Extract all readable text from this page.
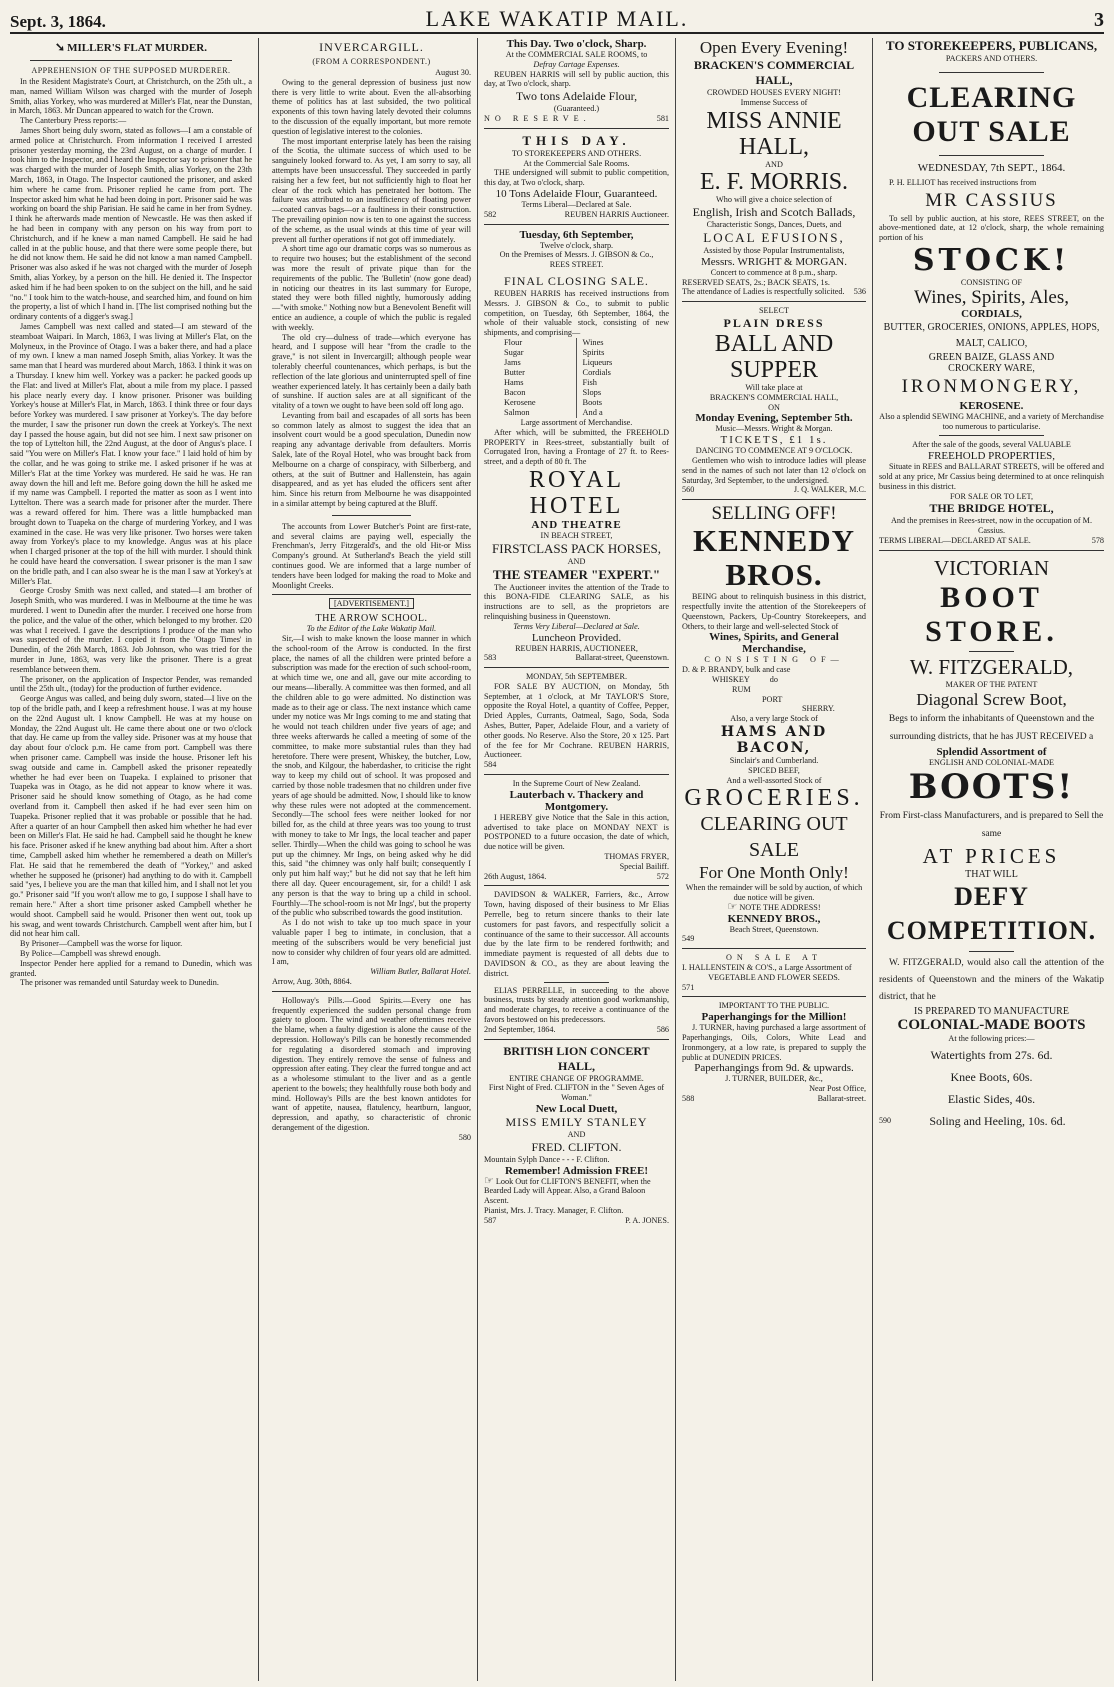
Sept. 3, 1864.	LAKE WAKATIP MAIL.	3
➘ MILLER'S FLAT MURDER.
APPREHENSION OF THE SUPPOSED MURDERER.

In the Resident Magistrate's Court, at Christchurch, on the 25th ult., a man, named William Wilson was charged with the murder of Joseph Smith, alias Yorkey, who was murdered at Miller's Flat, near the Dunstan, in March, 1863. Mr Duncan appeared to watch for the Crown.

The Canterbury Press reports:—

James Short being duly sworn, stated as follows—I am a constable of armed police at Christchurch. From information I received I arrested prisoner yesterday morning, the 23rd August, on a charge of murder. I took him to the Inspector, and I heard the Inspector say to prisoner that he was charged with the murder of Joseph Smith, alias Yorkey, on the 23th March, 1863, in Otago. The Inspector cautioned the prisoner, and asked him where he came from. Prisoner replied he came from port. The Inspector asked him what he had been doing in port. Prisoner said he was working on board the ship Parisian. He said he came in her from Sydney. I think he afterwards made mention of Newcastle. He was then asked if he had been in company with any person on his way from port to Christchurch, and if he knew a man named Campbell. He said he had called in at the public house, and that there were some people there, but he did not know them. He said he did not know a man named Campbell. Prisoner was also asked if he was not charged with the murder of Joseph Smith, alias Yorkey, by a person on the hill. He denied it. The Inspector asked him if he had been spoken to on the subject on the hill, and he said "no." I took him to the watch-house, and searched him, and found on him the property, a list of which I hand in. [The list comprised nothing but the ordinary contents of a digger's swag.]

James Campbell was next called and stated—I am steward of the steamboat Waipari. In March, 1863, I was living at Miller's Flat, on the Molyneux, in the Province of Otago. I was a baker there, and had a place of my own. I knew a man named Joseph Smith, alias Yorkey. It was the same man that I heard was murdered about March, 1863. I think it was on a Thursday. I knew him well. Yorkey was a packer: he packed goods up the Flat: and lived at Miller's Flat, about a mile from my place. I passed his place nearly every day. I know prisoner. Prisoner was building Yorkey's house at Miller's Flat, in March, 1863. I think three or four days before Yorkey was murdered. I saw prisoner at Yorkey's. The day before the murder, I saw the prisoner run down the creek at Yorkey's. The next day I passed the house again, but did not see him. I next saw prisoner on the top of Lyttelton hill, the 22nd August, at the door of Angus's place. I said "You were on Miller's Flat. I know your face." I laid hold of him by the collar, and he was going to strike me. I asked prisoner if he was at Miller's Flat at the time Yorkey was murdered. He said he was. He ran away down the hill and left me. Before going down the hill he asked me if my name was Campbell. I reported the matter as soon as I went into Lyttelton. There was a search made for prisoner after the murder. There was a reward offered for him. There was a little humpbacked man brought down to Tuapeka on the charge of murdering Yorkey, and I was examined in the case. He was very like prisoner. Two horses were taken away from Yorkey's place to my knowledge. Angus was at his place when I charged prisoner at the top of the hill with murder. I should think he could have heard the conversation. I swear prisoner is the man I saw on the bridle path, and I can also swear he is the man I saw at Yorkey's at Miller's Flat.

George Crosby Smith was next called, and stated—I am brother of Joseph Smith, who was murdered. I was in Melbourne at the time he was murdered. I went to Dunedin after the murder. I received one horse from the police, and the value of the other, which belonged to my brother. £20 was what I received. I gave the descriptions I produce of the man who was suspected of the murder. I copied it from the 'Otago Times' in Dunedin, of the 26th March, 1863. Job Johnson, who was tried for the murder in June, 1863, was very like the prisoner. There is a great resemblance between them.

The prisoner, on the application of Inspector Pender, was remanded until the 25th ult., (today) for the production of further evidence.

George Angus was called, and being duly sworn, stated—I live on the top of the bridle path, and I keep a refreshment house. I was at my house on the 22nd August ult. I know Campbell. He was at my house on Monday, the 22nd August ult. He came there about one or two o'clock that day. He came up from the valley side. Prisoner was at my house that day about four o'clock p.m. He came from port. Campbell was there when prisoner came. Campbell was inside the house. Prisoner left his swag outside and came in. Campbell asked the prisoner repeatedly whether he had ever been on Tuapeka. I explained to prisoner that Tuapeka was in Otago, as he did not appear to know where it was. Prisoner said he should know something of Otago, as he had come overland from it. Campbell then asked if he had ever seen him on Tuapeka. Prisoner replied that it was probable or possible that he had. After a quarter of an hour Campbell then asked him whether he had ever been on Miller's Flat. He said he had. Campbell said he thought he knew his face. Prisoner asked if he knew anything bad about him. After a short time, Campbell asked him whether he remembered a death on Miller's Flat. He said that he remembered the death of "Yorkey," and asked whether he supposed he (prisoner) had anything to do with it. Campbell said "yes, I believe you are the man that killed him, and I shall not let you go." Prisoner said "If you won't allow me to go, I suppose I shall have to remain here." After a short time prisoner asked Campbell whether he would shoot. Campbell said he would. Prisoner then went out, took up his swag, and went towards Christchurch. Campbell went after him, but I did not hear him call.

By Prisoner—Campbell was the worse for liquor.

By Police—Campbell was shrewd enough.

Inspector Pender here applied for a remand to Dunedin, which was granted.

The prisoner was remanded until Saturday week to Dunedin.

INVERCARGILL.
(FROM A CORRESPONDENT.)
August 30.

Owing to the general depression of business just now there is very little to write about. Even the all-absorbing theme of politics has at last subsided, the two political exponents of this town having lately devoted their columns to the discussion of the equally important, but more remote question of legislative interest to the colonies.

The most important enterprise lately has been the raising of the Scotia, the ultimate success of which used to be sanguinely looked forward to. As yet, I am sorry to say, all attempts have been unsuccessful. They succeeded in partly raising her a few feet, but not sufficiently high to float her clear of the rock which has penetrated her bottom. The failure was attributed to an insufficiency of floating power—coated canvas bags—or a faultiness in their construction. The prevailing opinion now is ten to one against the success of the scheme, as the usual winds at this time of year will prevent all further operations if not got off immediately.

A short time ago our dramatic corps was so numerous as to require two houses; but the establishment of the second was more the result of private pique than for the requirements of the public. The 'Bulletin' (now gone dead) in noticing our theatres in its last summary for Europe, stated they were both filled nightly, humorously adding—"with smoke." Nothing now but a Benevolent Benefit will entice an audience, a couple of which the public is regaled with weekly.

The old cry—dulness of trade—which everyone has heard, and I suppose will hear "from the cradle to the grave," is not silent in Invercargill; although people wear tolerably cheerful countenances, which perhaps, is but the reflection of the late glorious and uninterrupted spell of fine weather experienced lately. It has certainly been a daily bath of sunshine. If auction sales are at all significant of the vitality of a town we ought to have been sold off long ago.

Levanting from bail and escapades of all sorts has been so common lately as almost to suggest the idea that an insolvent court would be a good speculation, Dunedin now reaping any advantage derivable from defaulters. Morris Salek, late of the Royal Hotel, who was brought back from Melbourne on a charge of conspiracy, with Silberberg, and others, at the suit of Buttner and Hallenstein, has again disappeared, and as yet has eluded the officers sent after him. Since his return from Melbourne he was disappointed in a similar attempt by being captured at the Bluff.

The accounts from Lower Butcher's Point are first-rate, and several claims are paying well, especially the Frenchman's, Jerry Fitzgerald's, and the old Hit-or Miss Company's ground. At Sutherland's Beach the yield still continues good. We are informed that a large number of tenders have been lodged for making the road to Moke and Moonlight Creeks.

[ADVERTISEMENT.]
THE ARROW SCHOOL.
To the Editor of the Lake Wakatip Mail.

Sir,—I wish to make known the loose manner in which the school-room of the Arrow is conducted. In the first place, the names of all the children were printed before a subscription was made for the erection of such school-room, at which time we, one and all, gave our mite according to our means—liberally. A committee was then formed, and all the children able to go were admitted. No distinction was made as to their age or class. The next instance which came under my notice was Mr Ings coming to me and stating that he would not teach children under five years of age; and three weeks afterwards he called a meeting of some of the committee, to make more substantial rules than they had heretofore. There were present, Whiskey, the butcher, Low, the snob, and Kilgour, the haberdasher, to criticise the right way to keep my child out of school. It was proposed and carried by those noble tradesmen that no children under five years of age should be admitted. Now, I should like to know why these rules were not adopted at the commencement. Secondly—The school fees were neither looked for nor billed for, as the child at three years was too young to trust with money to take to Mr Ings, the local teacher and paper seller. Thirdly—When the child was going to school he was put up the chimney. Mr Ings, on being asked why he did this, said "the chimney was only half built; consequently I only put him half way;" but he did not say that he left him there all day. Queer encouragement, sir, for a child! I ask any person is that the way to bring up a child in school. Fourthly—The school-room is not Mr Ings', but the property of the public who subscribed towards the good institution.

As I do not wish to take up too much space in your valuable paper I beg to intimate, in conclusion, that a meeting of the subscribers would be very beneficial just now to consider why children of four years old are admitted. I am,

William Butler, Ballarat Hotel.
Arrow, Aug. 30th, 8864.

Holloway's Pills.—Good Spirits.—Every one has frequently experienced the sudden personal change from gaiety to gloom. The wind and weather oftentimes receive the blame, when a faulty digestion is alone the cause of the depression. Holloway's Pills can be honestly recommended for regulating a disordered stomach and improving digestion. They entirely remove the sense of fulness and oppression after eating. They clear the furred tongue and act as a wholesome stimulant to the liver and as a gentle aperient to the bowels; they healthfully rouse both body and mind. Holloway's Pills are the best known antidotes for want of appetite, nausea, flatulency, heartburn, languor, depression, and apathy, so characteristic of chronic derangement of the digestion.

580
This Day. Two o'clock, Sharp.
At the COMMERCIAL SALE ROOMS, to
Defray Cartage Expenses.

REUBEN HARRIS will sell by public auction, this day, at Two o'clock, sharp.

Two tons Adelaide Flour,
(Guaranteed.)
NO RESERVE.	581
THIS DAY.
TO STOREKEEPERS AND OTHERS.
At the Commercial Sale Rooms.

THE undersigned will submit to public competition, this day, at Two o'clock, sharp.

10 Tons Adelaide Flour, Guaranteed.
Terms Liberal—Declared at Sale.
582	REUBEN HARRIS Auctioneer.
Tuesday, 6th September,
Twelve o'clock, sharp.
On the Premises of Messrs. J. GIBSON & Co.,
REES STREET.
FINAL CLOSING SALE.

REUBEN HARRIS has received instructions from Messrs. J. GIBSON & Co., to submit to public competition, on Tuesday, 6th September, 1864, the whole of their valuable stock, consisting of new shipments, and comprising—

Flour	Wines
Sugar	Spirits
Jams	Liqueurs
Butter	Cordials
Hams	Fish
Bacon	Slops
Kerosene	Boots
Salmon	And a
Large assortment of Merchandise.

After which, will be submitted, the FREEHOLD PROPERTY in Rees-street, substantially built of Corrugated Iron, having a Frontage of 27 ft. to Rees-street, and a depth of 80 ft. The

ROYAL HOTEL
AND THEATRE
IN BEACH STREET,
FIRSTCLASS PACK HORSES,
AND
THE STEAMER "EXPERT."

The Auctioneer invites the attention of the Trade to this BONA-FIDE CLEARING SALE, as his instructions are to sell, as the proprietors are relinquishing business in Queenstown.

Terms Very Liberal—Declared at Sale.
Luncheon Provided.
REUBEN HARRIS, AUCTIONEER,
583	Ballarat-street, Queenstown.
MONDAY, 5th SEPTEMBER.

FOR SALE BY AUCTION, on Monday, 5th September, at 1 o'clock, at Mr TAYLOR'S Store, opposite the Royal Hotel, a quantity of Coffee, Pepper, Dried Apples, Currants, Oatmeal, Sago, Soda, Soda Ashes, Butter, Paper, Adelaide Flour, and a variety of other goods. No Reserve. Also the Store, 20 x 125. Part of the fee for Mr Cochrane. REUBEN HARRIS, Auctioneer.

584
In the Supreme Court of New Zealand.
Lauterbach v. Thackery and Montgomery.

I HEREBY give Notice that the Sale in this action, advertised to take place on MONDAY NEXT is POSTPONED to a future occasion, the date of which, due notice will be given.

THOMAS FRYER,
Special Bailiff.
26th August, 1864.	572

DAVIDSON & WALKER, Farriers, &c., Arrow Town, having disposed of their business to Mr Elias Perrelle, beg to return sincere thanks to their late customers for past favors, and respectfully solicit a continuance of the same to their successor. All accounts due by the late firm to be rendered forthwith; and immediate payment is requested of all debts due to DAVIDSON & CO., as they are about leaving the district.

ELIAS PERRELLE, in succeeding to the above business, trusts by steady attention good workmanship, and moderate charges, to receive a continuance of the favors bestowed on his predecessors.

2nd September, 1864.	586
BRITISH LION CONCERT HALL,
ENTIRE CHANGE OF PROGRAMME.
First Night of Fred. CLIFTON in the " Seven Ages of Woman."
New Local Duett,
MISS EMILY STANLEY
AND
FRED. CLIFTON.
Mountain Sylph Dance - - - F. Clifton.
Remember! Admission FREE!
☞ Look Out for CLIFTON'S BENEFIT, when the Bearded Lady will Appear. Also, a Grand Baloon Ascent.
Pianist, Mrs. J. Tracy. Manager, F. Clifton.
587	P. A. JONES.
Open Every Evening!
BRACKEN'S COMMERCIAL HALL,
CROWDED HOUSES EVERY NIGHT!
Immense Success of
MISS ANNIE HALL,
AND
E. F. MORRIS.
Who will give a choice selection of
English, Irish and Scotch Ballads,
Characteristic Songs, Dances, Duets, and
LOCAL EFUSIONS,
Assisted by those Popular Instrumentalists,
Messrs. WRIGHT & MORGAN.
Concert to commence at 8 p.m., sharp.
RESERVED SEATS, 2s.; BACK SEATS, 1s.
The attendance of Ladies is respectfully solicited. 536
SELECT
PLAIN DRESS
BALL AND SUPPER
Will take place at
BRACKEN'S COMMERCIAL HALL,
ON
Monday Evening, September 5th.
Music—Messrs. Wright & Morgan.
TICKETS, £1 1s.
DANCING TO COMMENCE AT 9 O'CLOCK.

Gentlemen who wish to introduce ladies will please send in the names of such not later than 12 o'clock on Saturday, 3rd September, to the undersigned.

560	J. Q. WALKER, M.C.
SELLING OFF!
KENNEDY BROS.

BEING about to relinquish business in this district, respectfully invite the attention of the Storekeepers of Queenstown, Packers, Up-Country Storekeepers, and Others, to their large and well-selected Stock of

Wines, Spirits, and General
Merchandise,
CONSISTING OF—
D. & P. BRANDY, bulk and case
WHISKEY do
RUM
PORT
SHERRY.
Also, a very large Stock of
HAMS AND BACON,
Sinclair's and Cumberland.
SPICED BEEF,
And a well-assorted Stock of
GROCERIES.
CLEARING OUT SALE
For One Month Only!
When the remainder will be sold by auction, of which due notice will be given.
☞ NOTE THE ADDRESS!
KENNEDY BROS.,
Beach Street, Queenstown.
549
ON SALE AT
I. HALLENSTEIN & CO'S., a Large Assortment of
VEGETABLE AND FLOWER SEEDS.
571
IMPORTANT TO THE PUBLIC.
Paperhangings for the Million!

J. TURNER, having purchased a large assortment of Paperhangings, Oils, Colors, White Lead and Ironmongery, at a low rate, is prepared to supply the public at DUNEDIN PRICES.

Paperhangings from 9d. & upwards.
J. TURNER, BUILDER, &c.,
Near Post Office,
588	Ballarat-street.
TO STOREKEEPERS, PUBLICANS,
PACKERS AND OTHERS.
CLEARING OUT SALE
WEDNESDAY, 7th SEPT., 1864.

P. H. ELLIOT has received instructions from

MR CASSIUS

To sell by public auction, at his store, REES STREET, on the above-mentioned date, at 12 o'clock, sharp, the whole remaining portion of his

STOCK!
CONSISTING OF
Wines, Spirits, Ales,
CORDIALS,
BUTTER, GROCERIES, ONIONS, APPLES, HOPS, MALT, CALICO,
GREEN BAIZE, GLASS AND
CROCKERY WARE,
IRONMONGERY,
KEROSENE.
Also a splendid SEWING MACHINE, and a variety of Merchandise too numerous to particularise.
After the sale of the goods, several VALUABLE
FREEHOLD PROPERTIES,

Situate in REES and BALLARAT STREETS, will be offered and sold at any price, Mr Cassius being determined to at once relinquish business in this district.

FOR SALE OR TO LET,
THE BRIDGE HOTEL,
And the premises in Rees-street, now in the occupation of M. Cassius.
TERMS LIBERAL—DECLARED AT SALE.	578
VICTORIAN
BOOT STORE.
W. FITZGERALD,
MAKER OF THE PATENT
Diagonal Screw Boot,
Begs to inform the inhabitants of Queenstown and the surrounding districts, that he has JUST RECEIVED a
Splendid Assortment of
ENGLISH AND COLONIAL-MADE
BOOTS!
From First-class Manufacturers, and is prepared to Sell the same
AT PRICES
THAT WILL
DEFY COMPETITION.

W. FITZGERALD, would also call the attention of the residents of Queenstown and the miners of the Wakatip district, that he

IS PREPARED TO MANUFACTURE
COLONIAL-MADE BOOTS
At the following prices:—
Watertights from 27s. 6d.
Knee Boots, 60s.
Elastic Sides, 40s.
590	Soling and Heeling, 10s. 6d.
